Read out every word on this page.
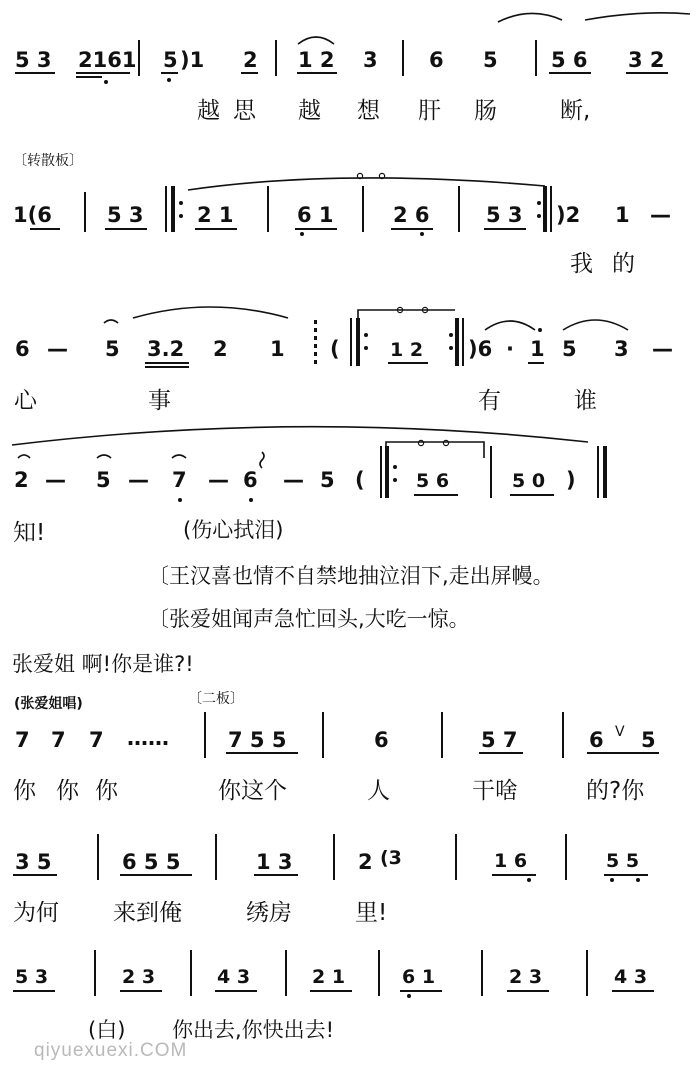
5 3 2161 5 )1 2 1 2 3 6 5	5 6 3 2
越 思 越 想 肝 肠	断,
〔转散板〕
1(6	5 3	2 1	6 1	2 6	5 3 )2 1 —
我 的
6 — 5 3.2 2 1 (	1 2 )6 · 1 5 3 —
心	事	有	谁
2 — 5 — 7 — 6 — 5 (	5 6	5 0 )
知!	(伤心拭泪)
〔王汉喜也情不自禁地抽泣泪下,走出屏幔。
〔张爱姐闻声急忙回头,大吃一惊。
张爱姐 啊!你是谁?!
(张爱姐唱)	〔二板〕
7 7 7 ……	7 5 5	6	5 7	6 V 5
你 你 你	你这个	人	干啥	的?你
3 5	6 5 5	1 3	2 (3	1 6	5 5
为何 来到俺	绣房	里!
5 3	2 3	4 3	2 1	6 1	2 3	4 3
(白) 你出去,你快出去!
qiyuexuexi.COM
